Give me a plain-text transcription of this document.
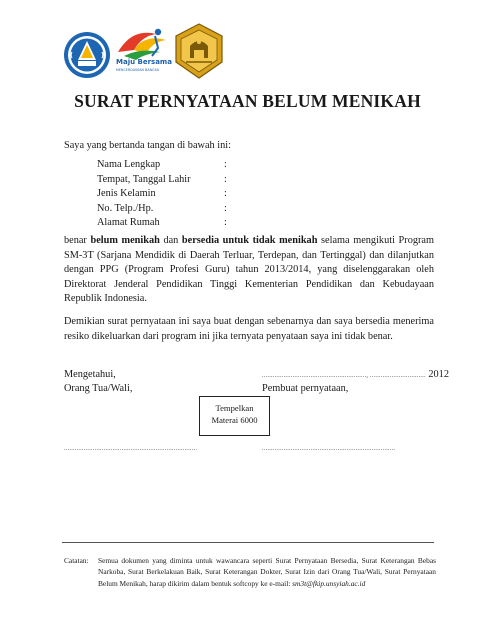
Maju Bersama
MENCERDASKAN BANGSA
SURAT PERNYATAAN BELUM MENIKAH
Saya yang bertanda tangan di bawah ini:
Nama Lengkap	:
Tempat, Tanggal Lahir	:
Jenis Kelamin	:
No. Telp./Hp.	:
Alamat Rumah	:
benar belum menikah dan bersedia untuk tidak menikah selama mengikuti Program SM-3T (Sarjana Mendidik di Daerah Terluar, Terdepan, dan Tertinggal) dan dilanjutkan dengan PPG (Program Profesi Guru) tahun 2013/2014, yang diselenggarakan oleh Direktorat Jenderal Pendidikan Tinggi Kementerian Pendidikan dan Kebudayaan Republik Indonesia.
Demikian surat pernyataan ini saya buat dengan sebenarnya dan saya bersedia menerima resiko dikeluarkan dari program ini jika ternyata penyataan saya ini tidak benar.
Mengetahui,
Orang Tua/Wali,
.........................................................., ............................... 2012
Pembuat pernyataan,
Tempelkan
Materai 6000
..........................................................................	..........................................................................
Catatan: Semua dokumen yang diminta untuk wawancara seperti Surat Pernyataan Bersedia, Surat Keterangan Bebas Narkoba, Surat Berkelakuan Baik, Surat Keterangan Dokter, Surat Izin dari Orang Tua/Wali, Surat Pernyataan Belum Menikah, harap dikirim dalam bentuk softcopy ke e-mail: sm3t@fkip.unsyiah.ac.id
